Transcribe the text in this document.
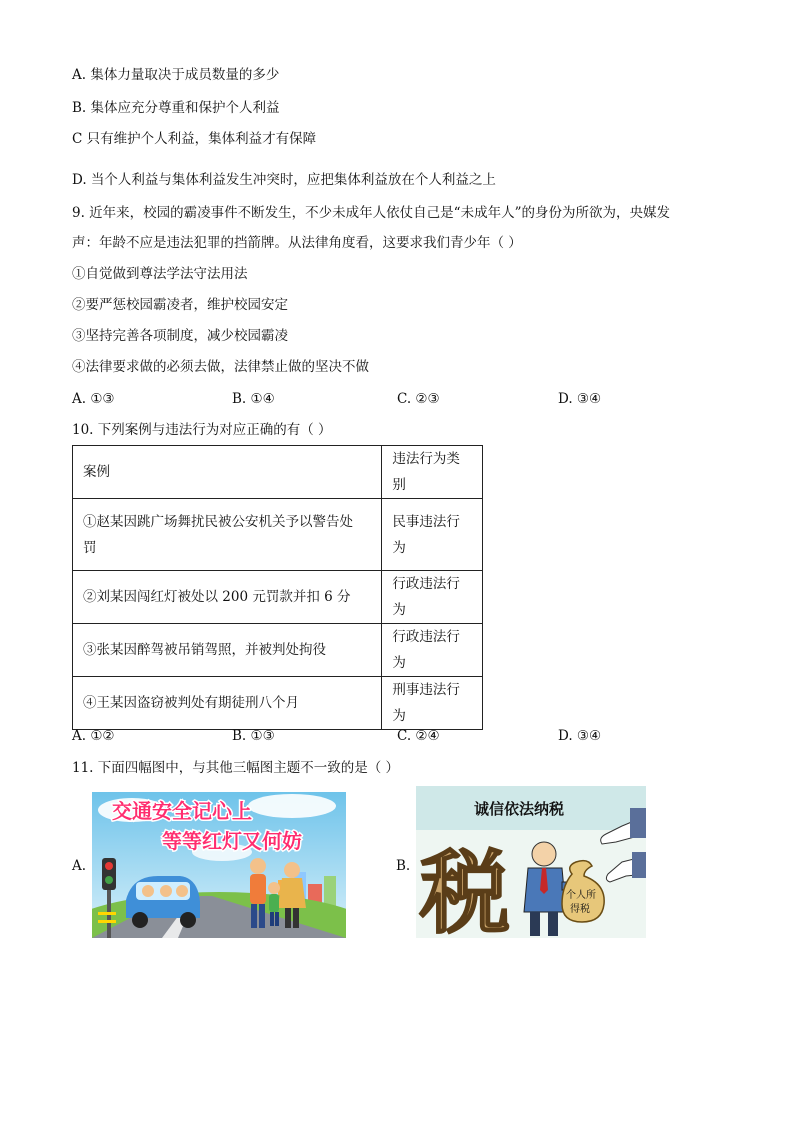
A. 集体力量取决于成员数量的多少
B. 集体应充分尊重和保护个人利益
C 只有维护个人利益，集体利益才有保障
D. 当个人利益与集体利益发生冲突时，应把集体利益放在个人利益之上
9. 近年来，校园的霸凌事件不断发生，不少未成年人依仗自己是“未成年人”的身份为所欲为，央媒发
声：年龄不应是违法犯罪的挡箭牌。从法律角度看，这要求我们青少年（ ）
①自觉做到尊法学法守法用法
②要严惩校园霸凌者，维护校园安定
③坚持完善各项制度，减少校园霸凌
④法律要求做的必须去做，法律禁止做的坚决不做
A. ①③	B. ①④	C. ②③	D. ③④
10. 下列案例与违法行为对应正确的有（ ）
案例	违法行为类别

①赵某因跳广场舞扰民被公安机关予以警告处
罚	民事违法行为
②刘某因闯红灯被处以 200 元罚款并扣 6 分	行政违法行为
③张某因醉驾被吊销驾照，并被判处拘役	行政违法行为
④王某因盗窃被判处有期徒刑八个月	刑事违法行为
A. ①②	B. ①③	C. ②④	D. ③④
11. 下面四幅图中，与其他三幅图主题不一致的是（ ）
A.
交通安全记心上
等等红灯又何妨
B.
诚信依法纳税
税	个人所
得税
